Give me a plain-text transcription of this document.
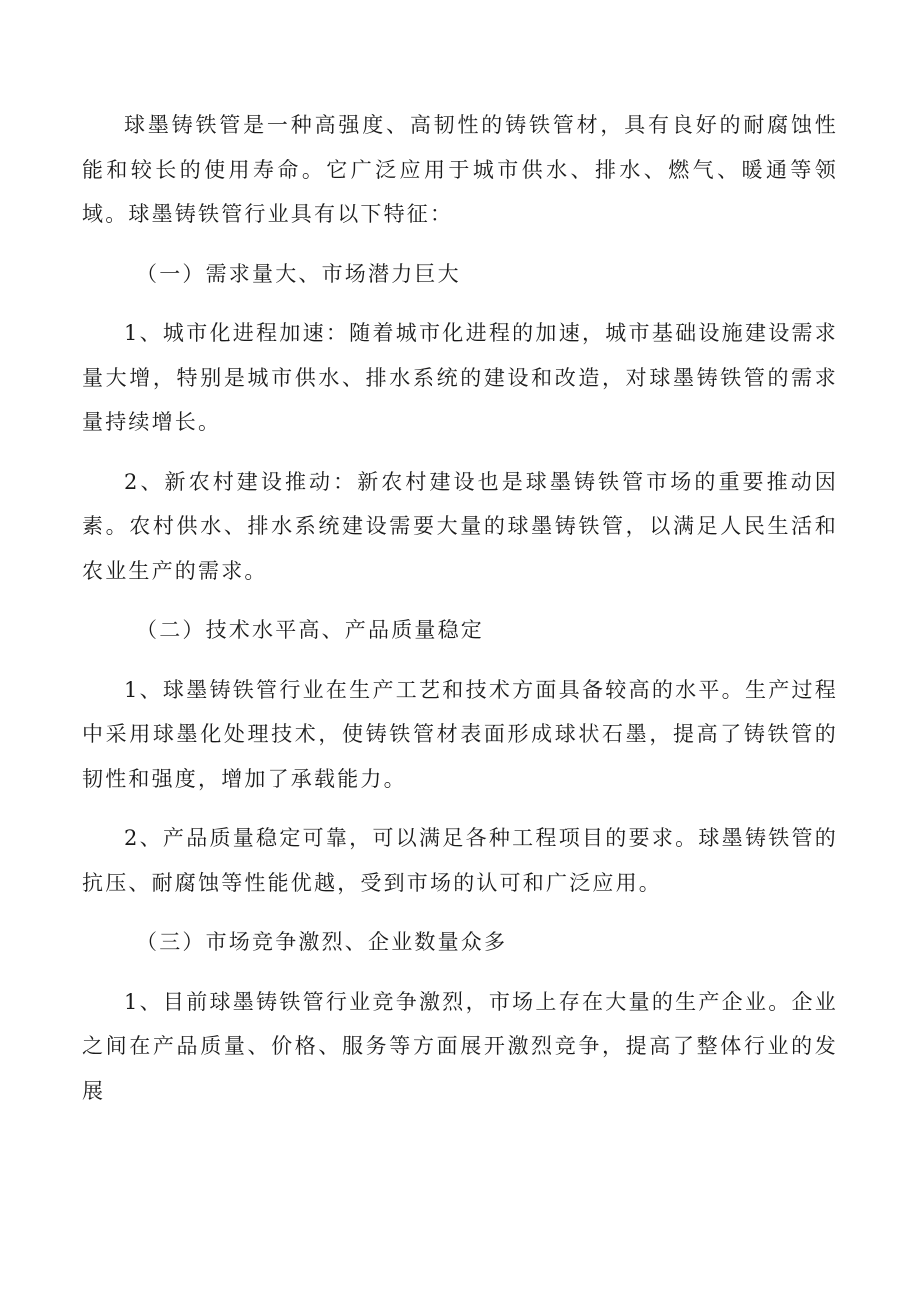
球墨铸铁管是一种高强度、高韧性的铸铁管材，具有良好的耐腐蚀性能和较长的使用寿命。它广泛应用于城市供水、排水、燃气、暖通等领域。球墨铸铁管行业具有以下特征：

（一）需求量大、市场潜力巨大

1、城市化进程加速：随着城市化进程的加速，城市基础设施建设需求量大增，特别是城市供水、排水系统的建设和改造，对球墨铸铁管的需求量持续增长。

2、新农村建设推动：新农村建设也是球墨铸铁管市场的重要推动因素。农村供水、排水系统建设需要大量的球墨铸铁管，以满足人民生活和农业生产的需求。

（二）技术水平高、产品质量稳定

1、球墨铸铁管行业在生产工艺和技术方面具备较高的水平。生产过程中采用球墨化处理技术，使铸铁管材表面形成球状石墨，提高了铸铁管的韧性和强度，增加了承载能力。

2、产品质量稳定可靠，可以满足各种工程项目的要求。球墨铸铁管的抗压、耐腐蚀等性能优越，受到市场的认可和广泛应用。

（三）市场竞争激烈、企业数量众多

1、目前球墨铸铁管行业竞争激烈，市场上存在大量的生产企业。企业之间在产品质量、价格、服务等方面展开激烈竞争，提高了整体行业的发展
